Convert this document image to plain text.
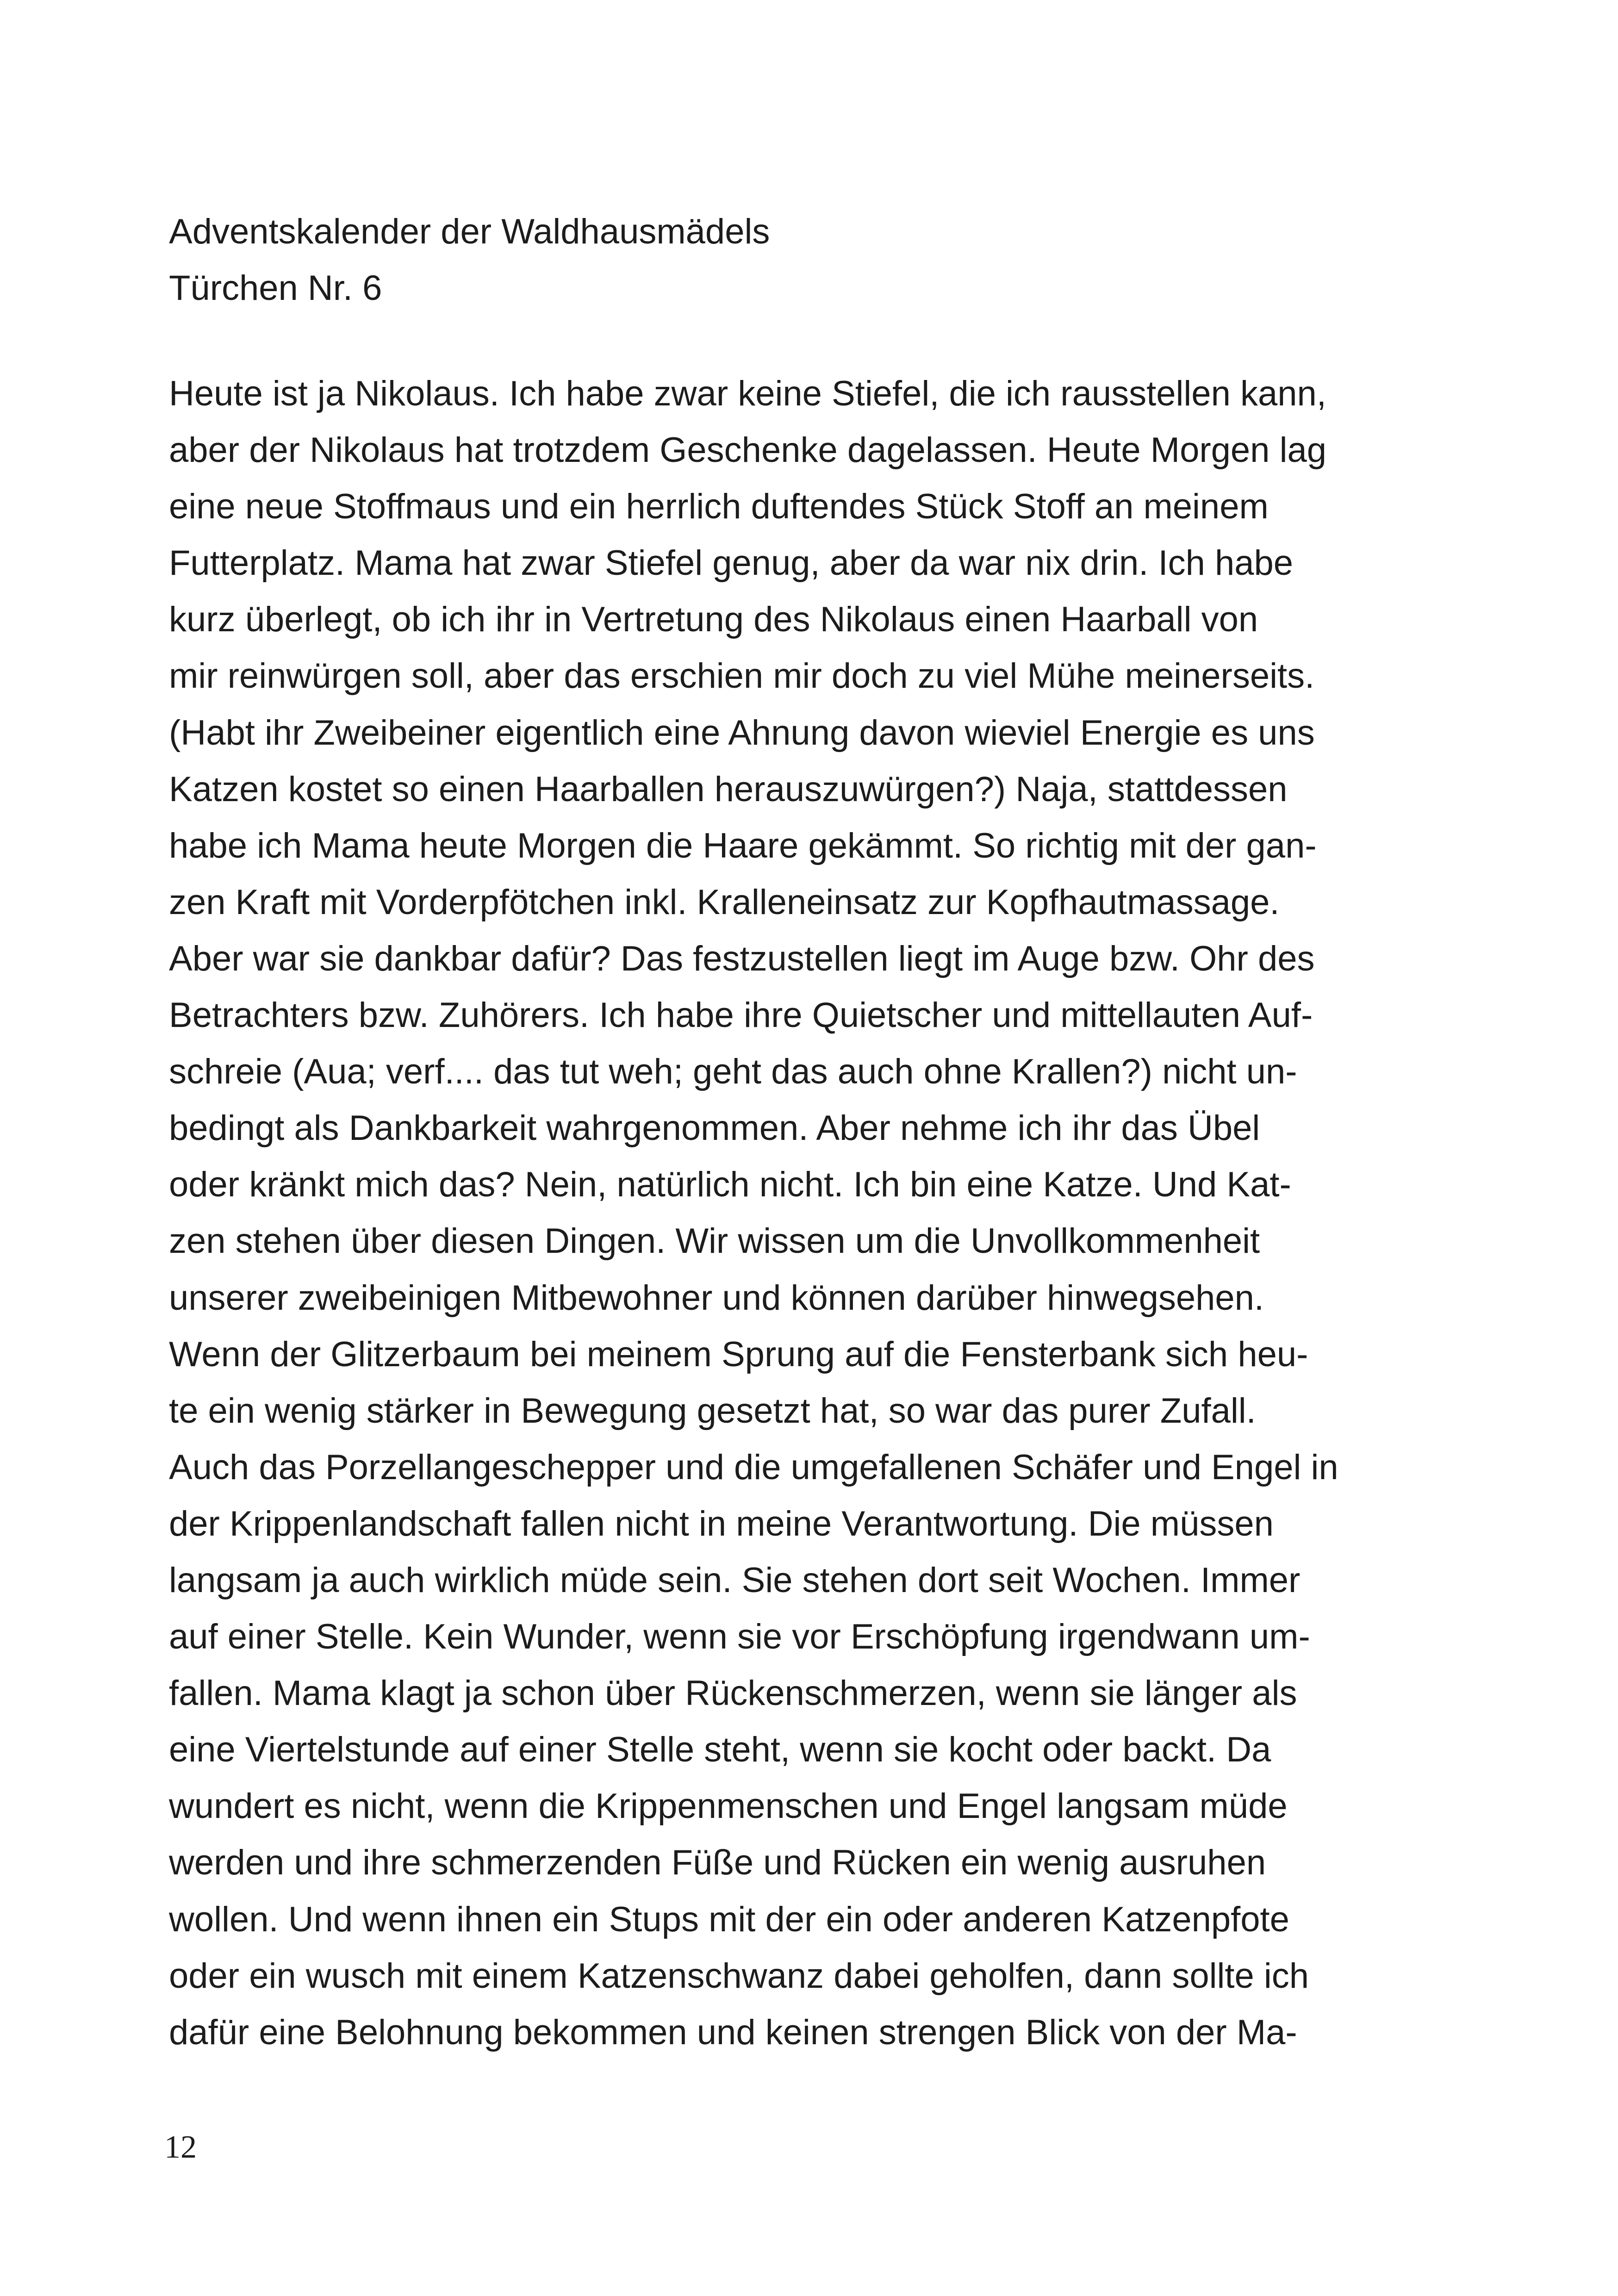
Adventskalender der Waldhausmädels
Türchen Nr. 6
Heute ist ja Nikolaus. Ich habe zwar keine Stiefel, die ich rausstellen kann,
aber der Nikolaus hat trotzdem Geschenke dagelassen. Heute Morgen lag
eine neue Stoffmaus und ein herrlich duftendes Stück Stoff an meinem
Futterplatz. Mama hat zwar Stiefel genug, aber da war nix drin. Ich habe
kurz überlegt, ob ich ihr in Vertretung des Nikolaus einen Haarball von
mir reinwürgen soll, aber das erschien mir doch zu viel Mühe meinerseits.
(Habt ihr Zweibeiner eigentlich eine Ahnung davon wieviel Energie es uns
Katzen kostet so einen Haarballen herauszuwürgen?) Naja, stattdessen
habe ich Mama heute Morgen die Haare gekämmt. So richtig mit der gan-
zen Kraft mit Vorderpfötchen inkl. Kralleneinsatz zur Kopfhautmassage.
Aber war sie dankbar dafür? Das festzustellen liegt im Auge bzw. Ohr des
Betrachters bzw. Zuhörers. Ich habe ihre Quietscher und mittellauten Auf-
schreie (Aua; verf.... das tut weh; geht das auch ohne Krallen?) nicht un-
bedingt als Dankbarkeit wahrgenommen. Aber nehme ich ihr das Übel
oder kränkt mich das? Nein, natürlich nicht. Ich bin eine Katze. Und Kat-
zen stehen über diesen Dingen. Wir wissen um die Unvollkommenheit
unserer zweibeinigen Mitbewohner und können darüber hinwegsehen.
Wenn der Glitzerbaum bei meinem Sprung auf die Fensterbank sich heu-
te ein wenig stärker in Bewegung gesetzt hat, so war das purer Zufall.
Auch das Porzellangeschepper und die umgefallenen Schäfer und Engel in
der Krippenlandschaft fallen nicht in meine Verantwortung. Die müssen
langsam ja auch wirklich müde sein. Sie stehen dort seit Wochen. Immer
auf einer Stelle. Kein Wunder, wenn sie vor Erschöpfung irgendwann um-
fallen. Mama klagt ja schon über Rückenschmerzen, wenn sie länger als
eine Viertelstunde auf einer Stelle steht, wenn sie kocht oder backt. Da
wundert es nicht, wenn die Krippenmenschen und Engel langsam müde
werden und ihre schmerzenden Füße und Rücken ein wenig ausruhen
wollen. Und wenn ihnen ein Stups mit der ein oder anderen Katzenpfote
oder ein wusch mit einem Katzenschwanz dabei geholfen, dann sollte ich
dafür eine Belohnung bekommen und keinen strengen Blick von der Ma-
12
